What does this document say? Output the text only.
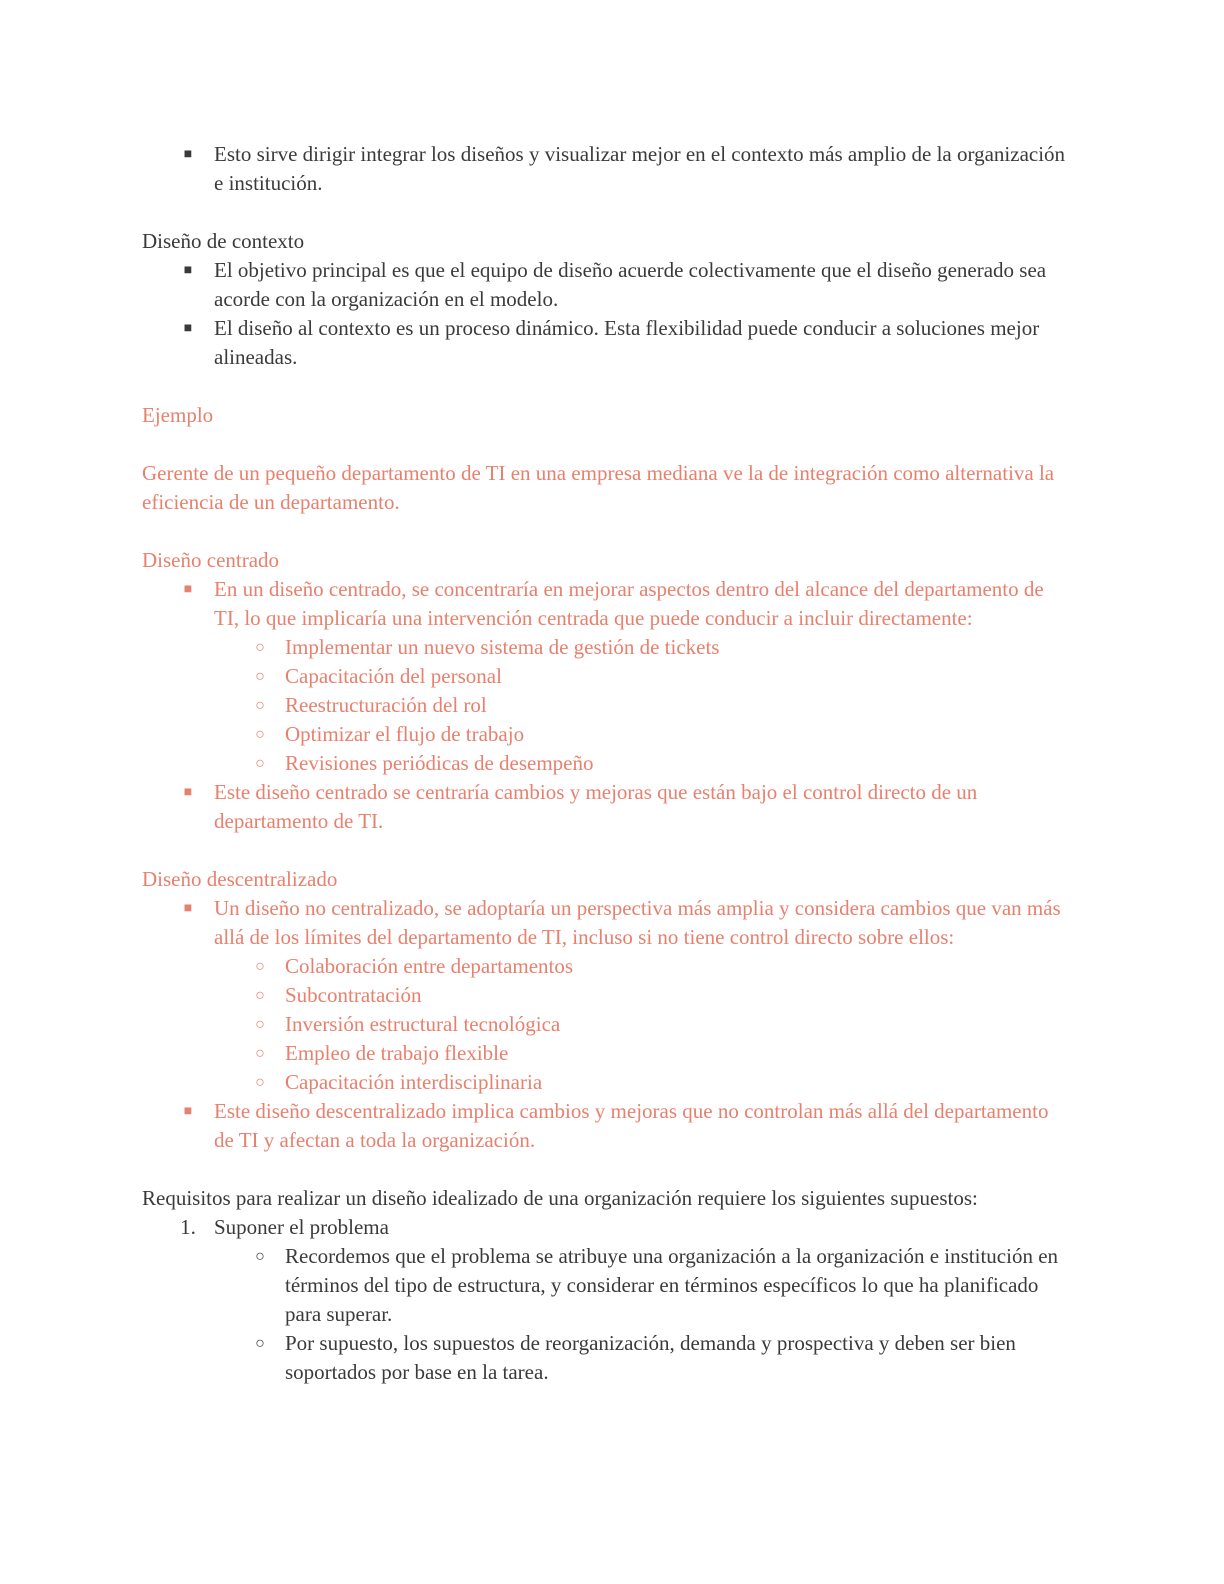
■ Esto sirve dirigir integrar los diseños y visualizar mejor en el contexto más amplio de la organización e institución.

Diseño de contexto

■ El objetivo principal es que el equipo de diseño acuerde colectivamente que el diseño generado sea acorde con la organización en el modelo.
■ El diseño al contexto es un proceso dinámico. Esta flexibilidad puede conducir a soluciones mejor alineadas.

Ejemplo

Gerente de un pequeño departamento de TI en una empresa mediana ve la de integración como alternativa la eficiencia de un departamento.

Diseño centrado

■ En un diseño centrado, se concentraría en mejorar aspectos dentro del alcance del departamento de TI, lo que implicaría una intervención centrada que puede conducir a incluir directamente:
○ Implementar un nuevo sistema de gestión de tickets
○ Capacitación del personal
○ Reestructuración del rol
○ Optimizar el flujo de trabajo
○ Revisiones periódicas de desempeño
■ Este diseño centrado se centraría cambios y mejoras que están bajo el control directo de un departamento de TI.

Diseño descentralizado

■ Un diseño no centralizado, se adoptaría un perspectiva más amplia y considera cambios que van más allá de los límites del departamento de TI, incluso si no tiene control directo sobre ellos:
○ Colaboración entre departamentos
○ Subcontratación
○ Inversión estructural tecnológica
○ Empleo de trabajo flexible
○ Capacitación interdisciplinaria
■ Este diseño descentralizado implica cambios y mejoras que no controlan más allá del departamento de TI y afectan a toda la organización.

Requisitos para realizar un diseño idealizado de una organización requiere los siguientes supuestos:

1. Suponer el problema
○ Recordemos que el problema se atribuye una organización a la organización e institución en términos del tipo de estructura, y considerar en términos específicos lo que ha planificado para superar.
○ Por supuesto, los supuestos de reorganización, demanda y prospectiva y deben ser bien soportados por base en la tarea.
